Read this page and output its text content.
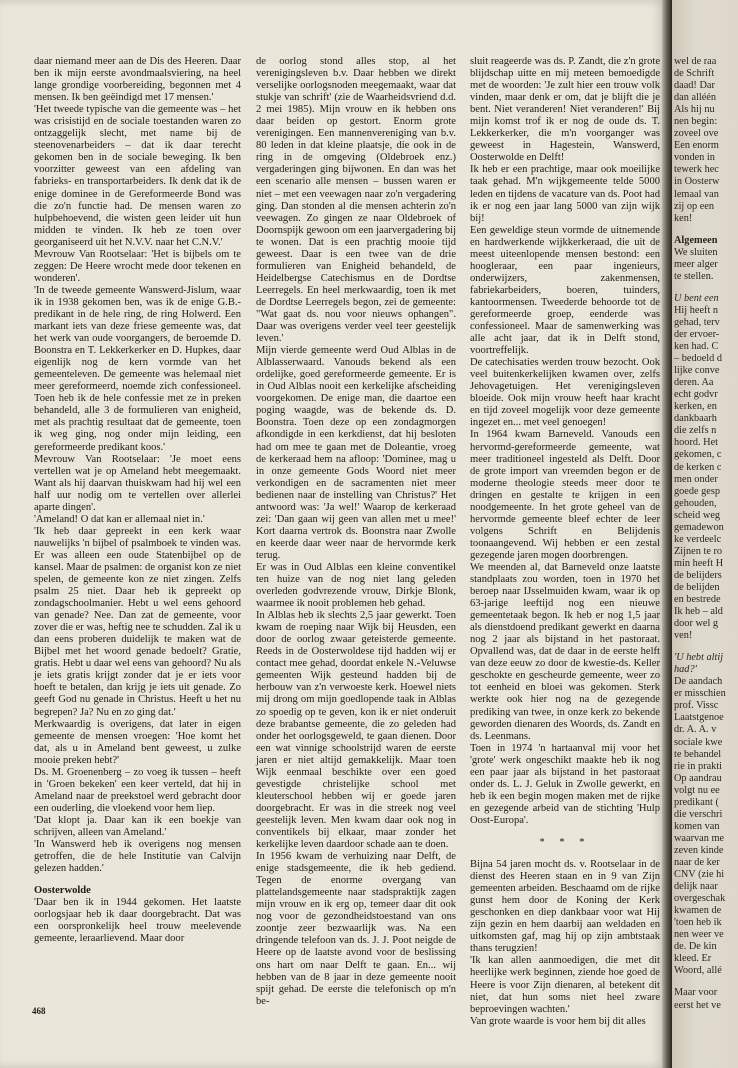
daar niemand meer aan de Dis des Heeren. Daar ben ik mijn eerste avondmaalsviering, na heel lange grondige voorbereiding, begonnen met 4 mensen. Ik ben geëindigd met 17 mensen.'

'Het tweede typische van die gemeente was – het was crisistijd en de sociale toestanden waren zo ontzaggelijk slecht, met name bij de steenovenarbeiders – dat ik daar terecht gekomen ben in de sociale beweging. Ik ben voorzitter geweest van een afdeling van fabrieks- en transportarbeiders. Ik denk dat ik de enige dominee in de Gereformeerde Bond was die zo'n functie had. De mensen waren zo hulpbehoevend, die wisten geen leider uit hun midden te vinden. Ik heb ze toen over georganiseerd uit het N.V.V. naar het C.N.V.'

Mevrouw Van Rootselaar: 'Het is bijbels om te zeggen: De Heere wrocht mede door tekenen en wonderen'.

'In de tweede gemeente Wanswerd-Jislum, waar ik in 1938 gekomen ben, was ik de enige G.B.-predikant in de hele ring, de ring Holwerd. Een markant iets van deze friese gemeente was, dat het werk van oude voorgangers, de beroemde D. Boonstra en T. Lekkerkerker en D. Hupkes, daar eigenlijk nog de kern vormde van het gemeenteleven. De gemeente was helemaal niet meer gereformeerd, noemde zich confessioneel. Toen heb ik de hele confessie met ze in preken behandeld, alle 3 de formulieren van enigheid, met als prachtig resultaat dat de gemeente, toen ik weg ging, nog onder mijn leiding, een gereformeerde predikant koos.'

Mevrouw Van Rootselaar: 'Je moet eens vertellen wat je op Ameland hebt meegemaakt. Want als hij daarvan thuiskwam had hij wel een half uur nodig om te vertellen over allerlei aparte dingen'.

'Ameland! O dat kan er allemaal niet in.'

'Ik heb daar gepreekt in een kerk waar nauwelijks 'n bijbel of psalmboek te vinden was. Er was alleen een oude Statenbijbel op de kansel. Maar de psalmen: de organist kon ze niet spelen, de gemeente kon ze niet zingen. Zelfs psalm 25 niet. Daar heb ik gepreekt op zondagschoolmanier. Hebt u wel eens gehoord van genade? Nee. Dan zat de gemeente, voor zover die er was, heftig nee te schudden. Zal ik u dan eens proberen duidelijk te maken wat de Bijbel met het woord genade bedoelt? Gratie, gratis. Hebt u daar wel eens van gehoord? Nu als je iets gratis krijgt zonder dat je er iets voor hoeft te betalen, dan krijg je iets uit genade. Zo geeft God nu genade in Christus. Heeft u het nu begrepen? Ja? Nu en zo ging dat.'

Merkwaardig is overigens, dat later in eigen gemeente de mensen vroegen: 'Hoe komt het dat, als u in Ameland bent geweest, u zulke mooie preken hebt?'

Ds. M. Groenenberg – zo voeg ik tussen – heeft in 'Groen bekeken' een keer verteld, dat hij in Ameland naar de preekstoel werd gebracht door een ouderling, die vloekend voor hem liep.

'Dat klopt ja. Daar kan ik een boekje van schrijven, alleen van Ameland.'

'In Wanswerd heb ik overigens nog mensen getroffen, die de hele Institutie van Calvijn gelezen hadden.'

Oosterwolde

'Daar ben ik in 1944 gekomen. Het laatste oorlogsjaar heb ik daar doorgebracht. Dat was een oorspronkelijk heel trouw meelevende gemeente, leraarlievend. Maar door

de oorlog stond alles stop, al het verenigingsleven b.v. Daar hebben we direkt verselijke oorlogsnoden meegemaakt, waar dat stukje van schrift' (zie de Waarheidsvriend d.d. 2 mei 1985). Mijn vrouw en ik hebben ons daar beiden op gestort. Enorm grote verenigingen. Een mannenvereniging van b.v. 80 leden in dat kleine plaatsje, die ook in de ring in de omgeving (Oldebroek enz.) vergaderingen ging bijwonen. En dan was het een scenario alle mensen – bussen waren er niet – met een veewagen naar zo'n vergadering ging. Dan stonden al die mensen achterin zo'n veewagen. Zo gingen ze naar Oldebroek of Doornspijk gewoon om een jaarvergadering bij te wonen. Dat is een prachtig mooie tijd geweest. Daar is een twee van de drie formulieren van Enigheid behandeld, de Heidelbergse Catechismus en de Dordtse Leerregels. En heel merkwaardig, toen ik met de Dordtse Leerregels begon, zei de gemeente: "Wat gaat ds. nou voor nieuws ophangen". Daar was overigens verder veel teer geestelijk leven.'

Mijn vierde gemeente werd Oud Alblas in de Alblasserwaard. Vanouds bekend als een ordelijke, goed gereformeerde gemeente. Er is in Oud Alblas nooit een kerkelijke afscheiding voorgekomen. De enige man, die daartoe een poging waagde, was de bekende ds. D. Boonstra. Toen deze op een zondagmorgen afkondigde in een kerkdienst, dat hij besloten had om mee te gaan met de Doleantie, vroeg de kerkeraad hem na afloop: 'Dominee, mag u in onze gemeente Gods Woord niet meer verkondigen en de sacramenten niet meer bedienen naar de instelling van Christus?' Het antwoord was: 'Ja wel!' Waarop de kerkeraad zei: 'Dan gaan wij geen van allen met u mee!' Kort daarna vertrok ds. Boonstra naar Zwolle en keerde daar weer naar de hervormde kerk terug.

Er was in Oud Alblas een kleine conventikel ten huize van de nog niet lang geleden overleden godvrezende vrouw, Dirkje Blonk, waarmee ik nooit problemen heb gehad.

In Alblas heb ik slechts 2,5 jaar gewerkt. Toen kwam de roeping naar Wijk bij Heusden, een door de oorlog zwaar geteisterde gemeente. Reeds in de Oosterwoldese tijd hadden wij er contact mee gehad, doordat enkele N.-Veluwse gemeenten Wijk gesteund hadden bij de herbouw van z'n verwoeste kerk. Hoewel niets mij drong om mijn goedlopende taak in Alblas zo spoedig op te geven, kon ik er niet onderuit deze brabantse gemeente, die zo geleden had onder het oorlogsgeweld, te gaan dienen. Door een wat vinnige schoolstrijd waren de eerste jaren er niet altijd gemakkelijk. Maar toen Wijk eenmaal beschikte over een goed gevestigde christelijke school met kleuterschool hebben wij er goede jaren doorgebracht. Er was in die streek nog veel geestelijk leven. Men kwam daar ook nog in conventikels bij elkaar, maar zonder het kerkelijke leven daardoor schade aan te doen.

In 1956 kwam de verhuizing naar Delft, de enige stadsgemeente, die ik heb gediend. Tegen de enorme overgang van plattelandsgemeente naar stadspraktijk zagen mijn vrouw en ik erg op, temeer daar dit ook nog voor de gezondheidstoestand van ons zoontje zeer bezwaarlijk was. Na een dringende telefoon van ds. J. J. Poot neigde de Heere op de laatste avond voor de beslissing ons hart om naar Delft te gaan. En... wij hebben van de 8 jaar in deze gemeente nooit spijt gehad. De eerste die telefonisch op m'n be-

sluit reageerde was ds. P. Zandt, die z'n grote blijdschap uitte en mij meteen bemoedigde met de woorden: 'Je zult hier een trouw volk vinden, maar denk er om, dat je blijft die je bent. Niet veranderen! Niet veranderen!' Bij mijn komst trof ik er nog de oude ds. T. Lekkerkerker, die m'n voorganger was geweest in Hagestein, Wanswerd, Oosterwolde en Delft!

Ik heb er een prachtige, maar ook moeilijke taak gehad. M'n wijkgemeente telde 5000 leden en tijdens de vacature van ds. Poot had ik er nog een jaar lang 5000 van zijn wijk bij!

Een geweldige steun vormde de uitnemende en hardwerkende wijkkerkeraad, die uit de meest uiteenlopende mensen bestond: een hoogleraar, een paar ingenieurs, onderwijzers, zakenmensen, fabriekarbeiders, boeren, tuinders, kantoormensen. Tweederde behoorde tot de gereformeerde groep, eenderde was confessioneel. Maar de samenwerking was alle acht jaar, dat ik in Delft stond, voortreffelijk.

De catechisaties werden trouw bezocht. Ook veel buitenkerkelijken kwamen over, zelfs Jehovagetuigen. Het verenigingsleven bloeide. Ook mijn vrouw heeft haar kracht en tijd zoveel mogelijk voor deze gemeente ingezet en... met veel genoegen!

In 1964 kwam Barneveld. Vanouds een hervormd-gereformeerde gemeente, wat meer traditioneel ingesteld als Delft. Door de grote import van vreemden begon er de moderne theologie steeds meer door te dringen en gestalte te krijgen in een noodgemeente. In het grote geheel van de hervormde gemeente bleef echter de leer volgens Schrift en Belijdenis toonaangevend. Wij hebben er een zestal gezegende jaren mogen doorbrengen.

We meenden al, dat Barneveld onze laatste standplaats zou worden, toen in 1970 het beroep naar IJsselmuiden kwam, waar ik op 63-jarige leeftijd nog een nieuwe gemeentetaak begon. Ik heb er nog 1,5 jaar als dienstdoend predikant gewerkt en daarna nog 2 jaar als bijstand in het pastoraat. Opvallend was, dat de daar in de eerste helft van deze eeuw zo door de kwestie-ds. Keller geschokte en gescheurde gemeente, weer zo tot eenheid en bloei was gekomen. Sterk werkte ook hier nog na de gezegende prediking van twee, in onze kerk zo bekende geworden dienaren des Woords, ds. Zandt en ds. Leenmans.

Toen in 1974 'n hartaanval mij voor het 'grote' werk ongeschikt maakte heb ik nog een paar jaar als bijstand in het pastoraat onder ds. L. J. Geluk in Zwolle gewerkt, en heb ik een begin mogen maken met de rijke en gezegende arbeid van de stichting 'Hulp Oost-Europa'.

* * *

Bijna 54 jaren mocht ds. v. Rootselaar in de dienst des Heeren staan en in 9 van Zijn gemeenten arbeiden. Beschaamd om de rijke gunst hem door de Koning der Kerk geschonken en diep dankbaar voor wat Hij zijn gezin en hem daarbij aan weldaden en uitkomsten gaf, mag hij op zijn ambtstaak thans terugzien!

'Ik kan allen aanmoedigen, die met dit heerlijke werk beginnen, ziende hoe goed de Heere is voor Zijn dienaren, al betekent dit niet, dat hun soms niet heel zware beproevingen wachten.'

Van grote waarde is voor hem bij dit alles

468
wel de raa
de Schrift
daad! Dar
dan alléén
Als hij nu
nen begin:
zoveel ove
Een enorm
vonden in
tewerk hec
in Oosterw
lemaal van
zij op een
ken!
Algemeen
We sluiten
meer alger
te stellen.
U bent een
Hij heeft n
gehad, terv
der ervoer-
ken had. C
– bedoeld d
lijke conve
deren. Aa
echt godvr
kerken, en
dankbaarh
die zelfs n
hoord. Het
gekomen, c
de kerken c
men onder
goede gesp
gehouden,
scheid weg
gemadewon
ke verdeelc
Zijnen te ro
min heeft H
de belijders
de belijden
en bestrede
Ik heb – ald
door wel g
ven!
'U hebt altij
had?'
De aandach
er misschien
prof. Vissc
Laatstgenoe
dr. A. A. v
sociale kwe
te behandel
rie in prakti
Op aandrau
volgt nu ee
predikant (
die verschri
komen van
waarvan me
zeven kinde
naar de ker
CNV (zie hi
delijk naar
overgeschak
kwamen de
'toen heb ik
nen weer ve
de. De kin
kleed. Er
Woord, allé
Maar voor
eerst het ve
